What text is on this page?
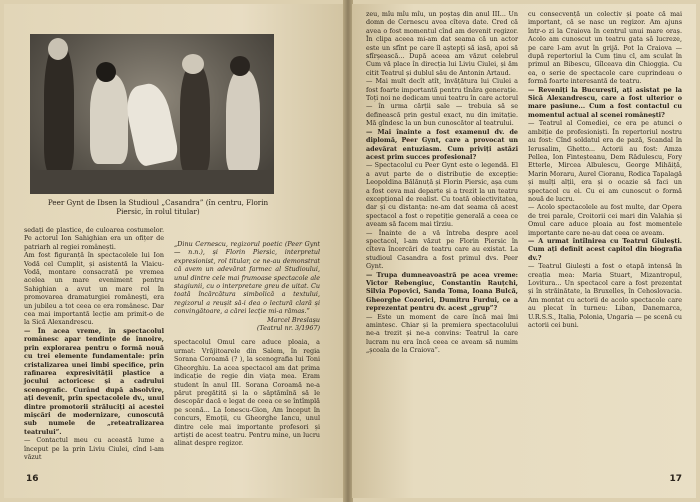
Peer Gynt de Ibsen la Studioul „Casandra” (în centru, Florin Piersic, în rolul titular)

sedați de plastice, de culoarea costumelor. Pe actorul Ion Sahighian era un ofițer de patriarh al regiei românești.

Am fost figuranță în spectacolele lui Ion Vodă cel Cumplit, și asistentă la Vlaicu-Vodă, montare consacrată pe vremea acelea un mare eveniment pentru Sahighian a avut un mare rol în promovarea dramaturgiei românești, era un jubileu a tot ceea ce era românesc. Dar cea mai importantă lecție am primit-o de la Sică Alexandrescu.

— În acea vreme, în spectacolul românesc apar tendințe de înnoire, prin explorarea pentru o formă nouă cu trei elemente fundamentale: prin cristalizarea unei limbi specifice, prin rafinarea expresivității plastice a jocului actoricesc și a cadrului scenografic. Curând după absolvire, ați devenit, prin spectacolele dv., unul dintre promotorii străluciți ai acestei mișcări de modernizare, cunoscută sub numele de „reteatralizarea teatrului”.

— Contactul meu cu această lume a început pe la prin Liviu Ciulei, cînd l-am văzut

„Dinu Cernescu, regizorul poetic (Peer Gynt — n.n.), și Florin Piersic, interpretul expresionist, rol titular, ce ne-au demonstrat că avem un adevărat farmec al Studioului, unul dintre cele mai frumoase spectacole ale stagiunii, cu o interpretare greu de uitat. Cu toată încărcătura simbolică a textului, regizorul a reușit să-i dea o lectură clară și convingătoare, a cărei lecție mi-a rămas.”

Marcel Breslașu

(Teatrul nr. 3/1967)

spectacolul Omul care aduce ploaia, a urmat: Vrăjitoarele din Salem, în regia Sorana Coroamă (? ), la scenografia lui Toni Gheorghiu. La acea spectacol am dat prima indicație de regie din viața mea. Eram student în anul III. Sorana Coroamă ne-a părut pregătită și la o săptămînă să le descopăr dacă e legat de ceea ce se întîmplă pe scenă... La Ionescu-Gion, Am început în concurs, Emoții, cu Gheorghe Iancu, unul dintre cele mai importante profesori și artiști de acest teatru. Pentru mine, un lucru alinat despre regizor.

16

zeu, mîu mîu mîu, un poștaș din anul III... Un domn de Cernescu avea cîteva date. Cred că avea o fost momentul cînd am devenit regizor. În clipa aceea mi-am dat seama că un actor este un sfînt pe care îl aștepți să iasă, apoi să sfîrșească... După aceea am văzut celebrul Cum vă place în direcția lui Liviu Ciulei, și ăm citit Teatrul și dublul său de Antonin Artaud.

— Mai mult decît atît, învățătura lui Ciulei a fost foarte importantă pentru tînăra generație. Toți noi ne dedicam unui teatru în care actorul — în urma cărții sale — trebuia să se definească prin gestul exact, nu din imitație. Mă gîndesc la un bun cunoscător al teatrului.

— Mai înainte a fost examenul dv. de diplomă, Peer Gynt, care a provocat un adevărat entuziasm. Cum priviți astăzi acest prim succes profesional?

— Spectacolul cu Peer Gynt este o legendă. El a avut parte de o distribuție de excepție: Leopoldina Bălănuță și Florin Piersic, așa cum a fost ceva mai departe și a trezit la un teatru excepțional de realist. Cu toată obiectivitatea, dar și cu distanța: ne-am dat seama că acest spectacol a fost o repetiție generală a ceea ce aveam să facem mai tîrziu.

— Înainte de a vă întreba despre acel spectacol, l-am văzut pe Florin Piersic în cîteva încercări de teatru care au existat. La studioul Casandra a fost primul dvs. Peer Gynt.

— Trupa dumneavoastră pe acea vreme: Victor Rebengiuc, Constantin Rauțchi, Silvia Popovici, Sanda Toma, Ioana Bulcă, Gheorghe Cozorici, Dumitru Furdui, ce a reprezentat pentru dv. acest „grup”?

— Este un moment de care încă mai îmi amintesc. Chiar și la premiera spectacolului ne-a trezit și ne-a convins: Teatrul la care lucram nu era încă ceea ce aveam să numim „școala de la Craiova”.

cu consecvență un colectiv și poate că mai important, că se nasc un regizor. Am ajuns într-o zi la Craiova în centrul unui mare oraș. Acolo am cunoscut un teatru gata să lucreze, pe care l-am avut în grijă. Pot la Craiova — după repertoriul la Cum ținu cl, am sculat în primul an Bibescu, Gîlceava din Chioggia. Cu ea, o serie de spectacole care cuprindeau o formă foarte interesantă de teatru.

— Reveniți la București, ați asistat pe la Sică Alexandrescu, care a fost ulterior o mare pasiune... Cum a fost contactul cu momentul actual al scenei românești?

— Teatrul al Comediei, ce era pe atunci o ambiție de profesioniști. În repertoriul nostru au fost: Cînd soldatul era de pază, Scandal în Ierusalim, Ghetto... Actorii au fost: Amza Pellea, Ion Finteșteanu, Dem Rădulescu, Fory Etterle, Mircea Albulescu, George Mihăiță, Marin Moraru, Aurel Cioranu, Rodica Tapalagă și mulți alții, era și o ocazie să faci un spectacol cu ei. Cu ei am cunoscut o formă nouă de lucru.

— Acolo spectacolele au fost multe, dar Opera de trei parale, Croitorii cei mari din Valahia și Omul care aduce ploaia au fost momentele importante care ne-au dat ceea ce aveam.

— A urmat întîlnirea cu Teatrul Giulești. Cum ați definit acest capitol din biografia dv.?

— Teatrul Giulești a fost o etapă intensă în creația mea: Maria Stuart, Mizantropul, Lovitura... Un spectacol care a fost prezentat și în străinătate, la Bruxelles, în Cehoslovacia. Am montat cu actorii de acolo spectacole care au plecat în turneu: Liban, Danemarca, U.R.S.S., Italia, Polonia, Ungaria — pe scenă cu actorii cei buni.

17
